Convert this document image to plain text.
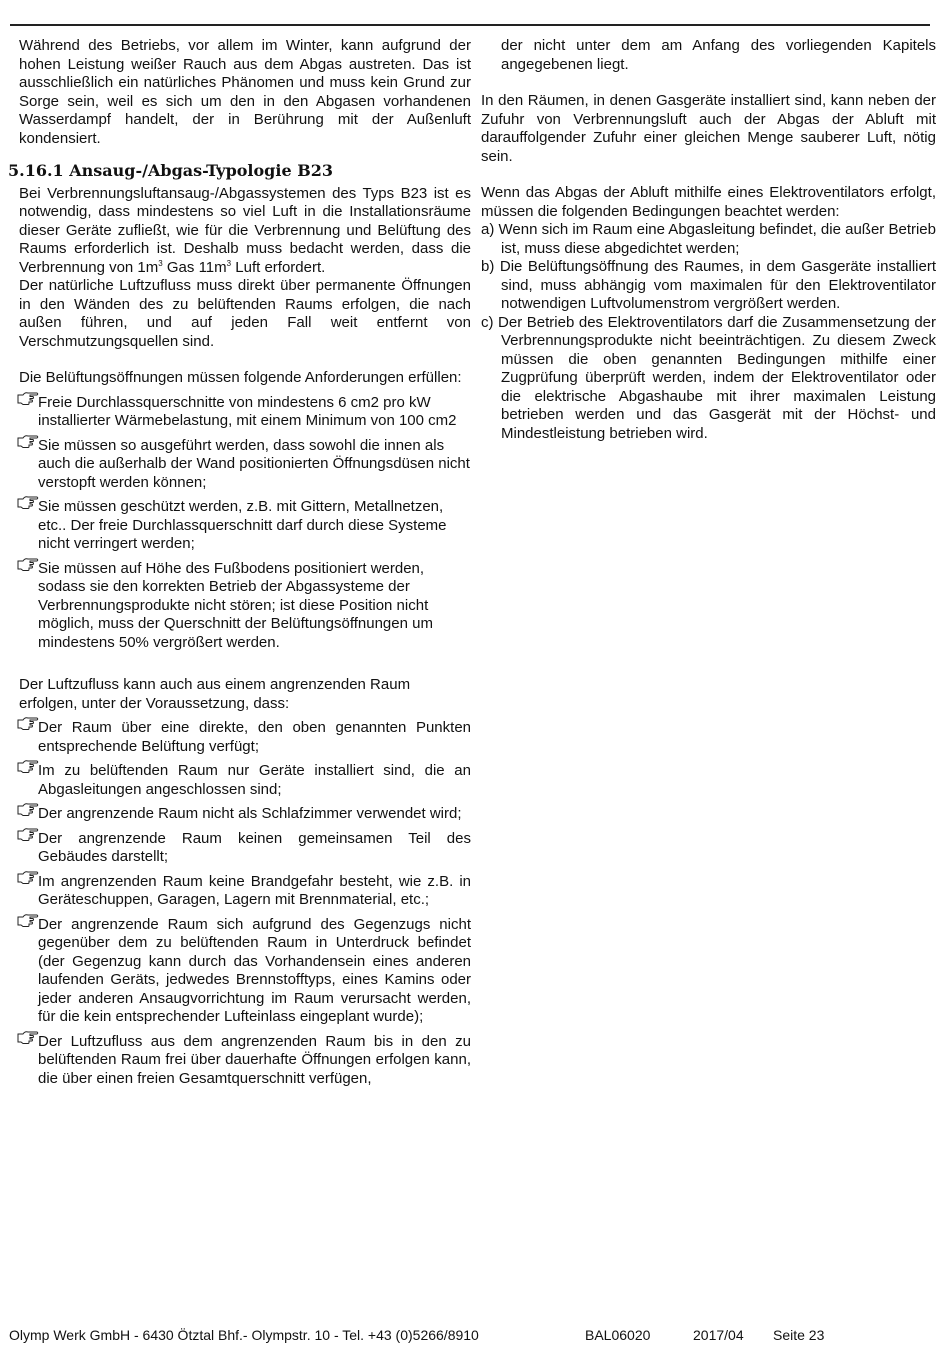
Während des Betriebs, vor allem im Winter, kann aufgrund der hohen Leistung weißer Rauch aus dem Abgas austreten. Das ist ausschließlich ein natürliches Phänomen und muss kein Grund zur Sorge sein, weil es sich um den in den Abgasen vorhandenen Wasserdampf handelt, der in Berührung mit der Außenluft kondensiert.

5.16.1 Ansaug-/Abgas-Typologie B23

Bei Verbrennungsluftansaug-/Abgassystemen des Typs B23 ist es notwendig, dass mindestens so viel Luft in die Installationsräume dieser Geräte zufließt, wie für die Verbrennung und Belüftung des Raums erforderlich ist. Deshalb muss bedacht werden, dass die Verbrennung von $1m^3$ Gas $11m^3$ Luft erfordert.

Der natürliche Luftzufluss muss direkt über permanente Öffnungen in den Wänden des zu belüftenden Raums erfolgen, die nach außen führen, und auf jeden Fall weit entfernt von Verschmutzungsquellen sind.

Die Belüftungsöffnungen müssen folgende Anforderungen erfüllen:

Freie Durchlassquerschnitte von mindestens 6 cm2 pro kW installierter Wärmebelastung, mit einem Minimum von 100 cm2
Sie müssen so ausgeführt werden, dass sowohl die innen als auch die außerhalb der Wand positionierten Öffnungsdüsen nicht verstopft werden können;
Sie müssen geschützt werden, z.B. mit Gittern, Metallnetzen, etc.. Der freie Durchlassquerschnitt darf durch diese Systeme nicht verringert werden;
Sie müssen auf Höhe des Fußbodens positioniert werden, sodass sie den korrekten Betrieb der Abgassysteme der Verbrennungsprodukte nicht stören; ist diese Position nicht möglich, muss der Querschnitt der Belüftungsöffnungen um mindestens 50% vergrößert werden.

Der Luftzufluss kann auch aus einem angrenzenden Raum erfolgen, unter der Voraussetzung, dass:

Der Raum über eine direkte, den oben genannten Punkten entsprechende Belüftung verfügt;
Im zu belüftenden Raum nur Geräte installiert sind, die an Abgasleitungen angeschlossen sind;
Der angrenzende Raum nicht als Schlafzimmer verwendet wird;
Der angrenzende Raum keinen gemeinsamen Teil des Gebäudes darstellt;
Im angrenzenden Raum keine Brandgefahr besteht, wie z.B. in Geräteschuppen, Garagen, Lagern mit Brennmaterial, etc.;
Der angrenzende Raum sich aufgrund des Gegenzugs nicht gegenüber dem zu belüftenden Raum in Unterdruck befindet (der Gegenzug kann durch das Vorhandensein eines anderen laufenden Geräts, jedwedes Brennstofftyps, eines Kamins oder jeder anderen Ansaugvorrichtung im Raum verursacht werden, für die kein entsprechender Lufteinlass eingeplant wurde);
Der Luftzufluss aus dem angrenzenden Raum bis in den zu belüftenden Raum frei über dauerhafte Öffnungen erfolgen kann, die über einen freien Gesamtquerschnitt verfügen,

der nicht unter dem am Anfang des vorliegenden Kapitels angegebenen liegt.

In den Räumen, in denen Gasgeräte installiert sind, kann neben der Zufuhr von Verbrennungsluft auch der Abgas der Abluft mit darauffolgender Zufuhr einer gleichen Menge sauberer Luft, nötig sein.

Wenn das Abgas der Abluft mithilfe eines Elektroventilators erfolgt, müssen die folgenden Bedingungen beachtet werden:

a) Wenn sich im Raum eine Abgasleitung befindet, die außer Betrieb ist, muss diese abgedichtet werden;

b) Die Belüftungsöffnung des Raumes, in dem Gasgeräte installiert sind, muss abhängig vom maximalen für den Elektroventilator notwendigen Luftvolumenstrom vergrößert werden.

c) Der Betrieb des Elektroventilators darf die Zusammensetzung der Verbrennungsprodukte nicht beeinträchtigen. Zu diesem Zweck müssen die oben genannten Bedingungen mithilfe einer Zugprüfung überprüft werden, indem der Elektroventilator oder die elektrische Abgashaube mit ihrer maximalen Leistung betrieben werden und das Gasgerät mit der Höchst- und Mindestleistung betrieben wird.

Olymp Werk GmbH - 6430 Ötztal Bhf.- Olympstr. 10 - Tel. +43 (0)5266/8910	BAL06020	2017/04 Seite 23
